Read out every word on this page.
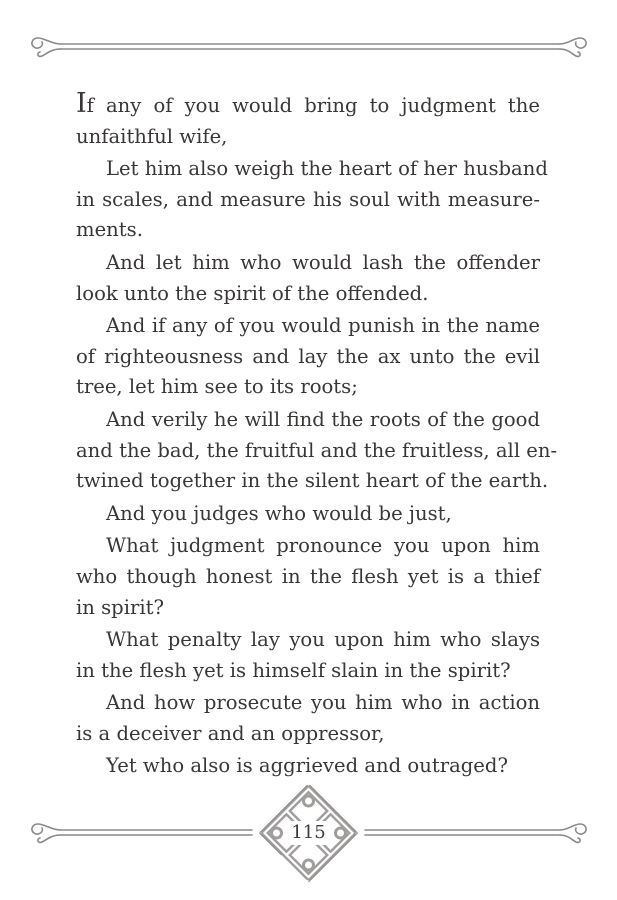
If any of you would bring to judgment the
unfaithful wife,
Let him also weigh the heart of her husband
in scales, and measure his soul with measure-
ments.
And let him who would lash the offender
look unto the spirit of the offended.
And if any of you would punish in the name
of righteousness and lay the ax unto the evil
tree, let him see to its roots;
And verily he will find the roots of the good
and the bad, the fruitful and the fruitless, all en-
twined together in the silent heart of the earth.
And you judges who would be just,
What judgment pronounce you upon him
who though honest in the flesh yet is a thief
in spirit?
What penalty lay you upon him who slays
in the flesh yet is himself slain in the spirit?
And how prosecute you him who in action
is a deceiver and an oppressor,
Yet who also is aggrieved and outraged?
115
